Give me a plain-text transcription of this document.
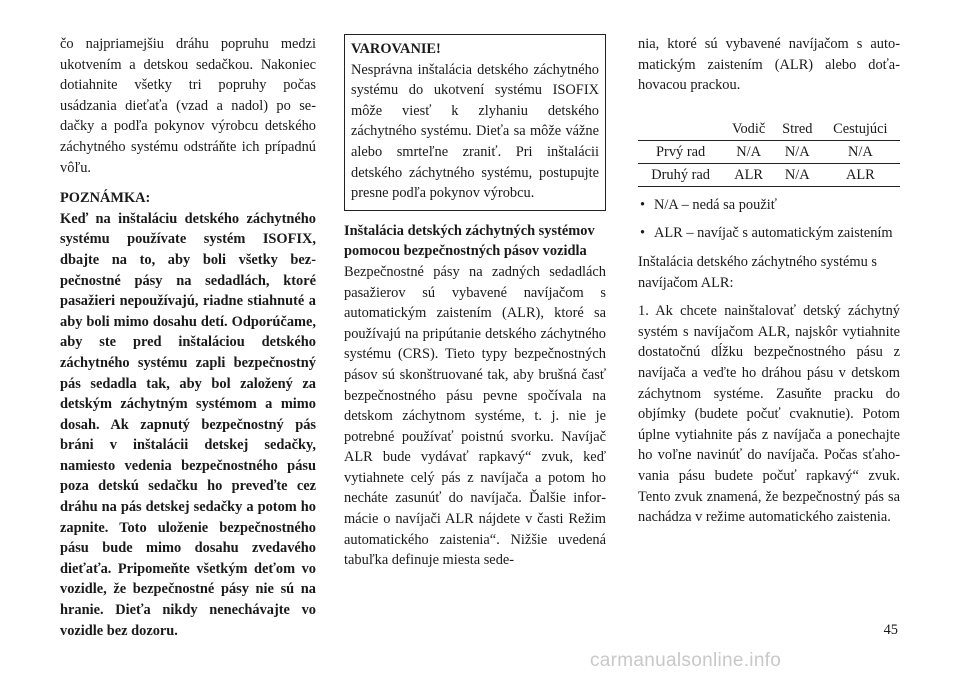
čo najpriamejšiu dráhu popruhu medzi ukotvením a detskou sedačkou. Nakoniec dotiahnite všetky tri popruhy počas usádzania dieťaťa (vzad a nadol) po sedačky a podľa pokynov výrobcu detského záchytného systému odstráňte ich prípadnú vôľu.

POZNÁMKA:

Keď na inštaláciu detského záchytného systému používate systém ISOFIX, dbajte na to, aby boli všetky bezpečnostné pásy na sedadlách, ktoré pasažieri nepoužívajú, riadne stiahnuté a aby boli mimo dosahu detí. Odporúčame, aby ste pred inštaláciou detského záchytného systému zapli bezpečnostný pás sedadla tak, aby bol založený za detským záchytným systémom a mimo dosah. Ak zapnutý bezpečnostný pás bráni v inštalácii detskej sedačky, namiesto vedenia bezpečnostného pásu poza detskú sedačku ho preveďte cez dráhu na pás detskej sedačky a potom ho zapnite. Toto uloženie bezpečnostného pásu bude mimo dosahu zvedavého dieťaťa. Pripomeňte všetkým deťom vo vozidle, že bezpečnostné pásy nie sú na hranie. Dieťa nikdy nenechávajte vo vozidle bez dozoru.

VAROVANIE!

Nesprávna inštalácia detského záchytného systému do ukotvení systému ISOFIX môže viesť k zlyhaniu detského záchytného systému. Dieťa sa môže vážne alebo smrteľne zraniť. Pri inštalácii detského záchytného systému, postupujte presne podľa pokynov výrobcu.

Inštalácia detských záchytných systémov pomocou bezpečnostných pásov vozidla

Bezpečnostné pásy na zadných sedadlách pasažierov sú vybavené navíjačom s automatickým zaistením (ALR), ktoré sa používajú na pripútanie detského záchytného systému (CRS). Tieto typy bezpečnostných pásov sú skonštruované tak, aby brušná časť bezpečnostného pásu pevne spočívala na detskom záchytnom systéme, t. j. nie je potrebné používať poistnú svorku. Navíjač ALR bude vydávať rapkavý“ zvuk, keď vytiahnete celý pás z navíjača a potom ho necháte zasunúť do navíjača. Ďalšie informácie o navíjači ALR nájdete v časti Režim automatického zaistenia“. Nižšie uvedená tabuľka definuje miesta sede-

nia, ktoré sú vybavené navíjačom s automatickým zaistením (ALR) alebo doťahovacou prackou.

	Vodič	Stred	Cestujúci
Prvý rad	N/A	N/A	N/A
Druhý rad	ALR	N/A	ALR
• N/A – nedá sa použiť
• ALR – navíjač s automatickým zaistením

Inštalácia detského záchytného systému s navíjačom ALR:

1. Ak chcete nainštalovať detský záchytný systém s navíjačom ALR, najskôr vytiahnite dostatočnú dĺžku bezpečnostného pásu z navíjača a veďte ho dráhou pásu v detskom záchytnom systéme. Zasuňte pracku do objímky (budete počuť cvaknutie). Potom úplne vytiahnite pás z navíjača a ponechajte ho voľne navinúť do navíjača. Počas sťahovania pásu budete počuť rapkavý“ zvuk. Tento zvuk znamená, že bezpečnostný pás sa nachádza v režime automatického zaistenia.

45
carmanualsonline.info
